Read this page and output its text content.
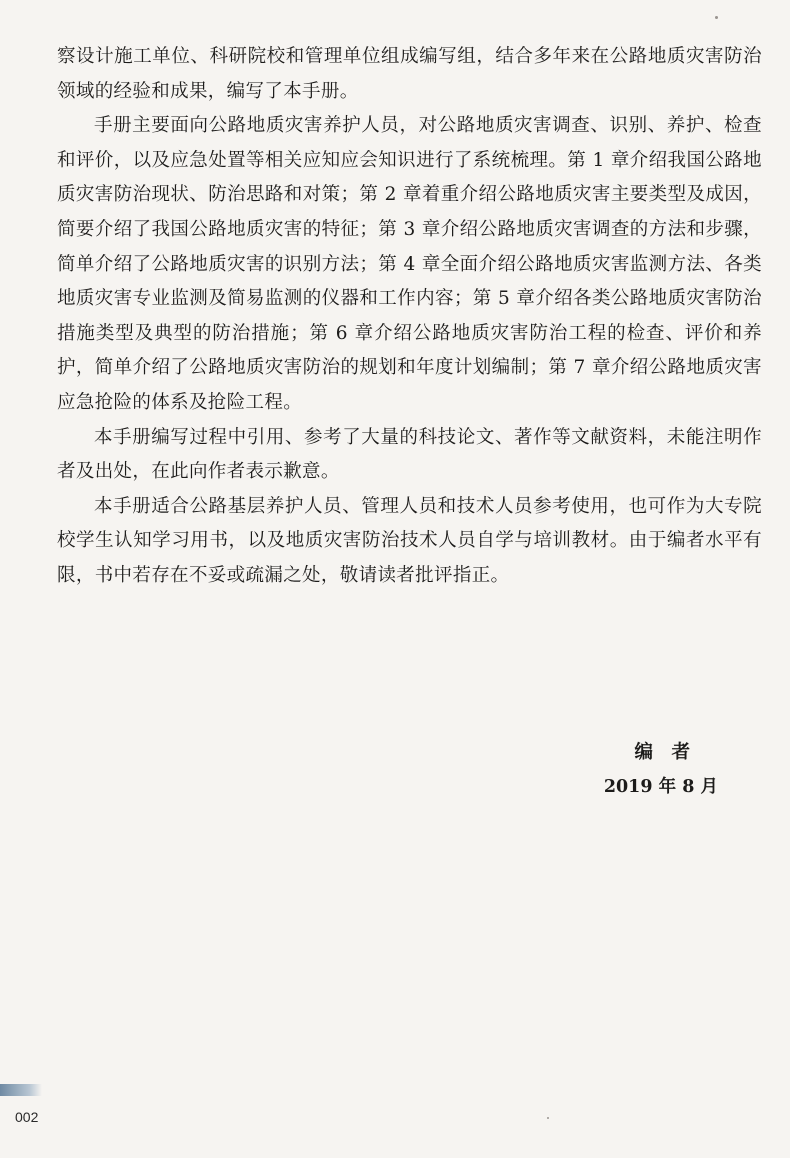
察设计施工单位、科研院校和管理单位组成编写组，结合多年来在公路地质灾害防治领域的经验和成果，编写了本手册。

手册主要面向公路地质灾害养护人员，对公路地质灾害调查、识别、养护、检查和评价，以及应急处置等相关应知应会知识进行了系统梳理。第 1 章介绍我国公路地质灾害防治现状、防治思路和对策；第 2 章着重介绍公路地质灾害主要类型及成因，简要介绍了我国公路地质灾害的特征；第 3 章介绍公路地质灾害调查的方法和步骤，简单介绍了公路地质灾害的识别方法；第 4 章全面介绍公路地质灾害监测方法、各类地质灾害专业监测及简易监测的仪器和工作内容；第 5 章介绍各类公路地质灾害防治措施类型及典型的防治措施；第 6 章介绍公路地质灾害防治工程的检查、评价和养护，简单介绍了公路地质灾害防治的规划和年度计划编制；第 7 章介绍公路地质灾害应急抢险的体系及抢险工程。

本手册编写过程中引用、参考了大量的科技论文、著作等文献资料，未能注明作者及出处，在此向作者表示歉意。

本手册适合公路基层养护人员、管理人员和技术人员参考使用，也可作为大专院校学生认知学习用书，以及地质灾害防治技术人员自学与培训教材。由于编者水平有限，书中若存在不妥或疏漏之处，敬请读者批评指正。

编 者
2019 年 8 月
002
